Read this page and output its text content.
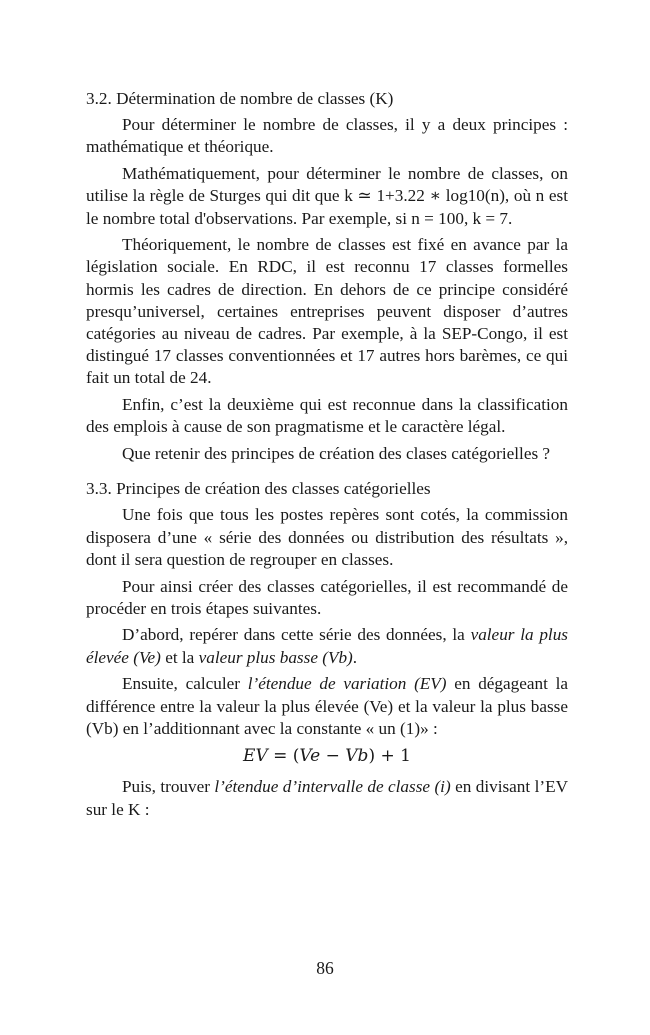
3.2. Détermination de nombre de classes (K)

Pour déterminer le nombre de classes, il y a deux principes : mathématique et théorique.

Mathématiquement, pour déterminer le nombre de classes, on utilise la règle de Sturges qui dit que k ≃ 1+3.22 ∗ log10(n), où n est le nombre total d'observations. Par exemple, si n = 100, k = 7.

Théoriquement, le nombre de classes est fixé en avance par la législation sociale. En RDC, il est reconnu 17 classes formelles hormis les cadres de direction. En dehors de ce principe considéré presqu’universel, certaines entreprises peuvent disposer d’autres catégories au niveau de cadres. Par exemple, à la SEP-Congo, il est distingué 17 classes conventionnées et 17 autres hors barèmes, ce qui fait un total de 24.

Enfin, c’est la deuxième qui est reconnue dans la classification des emplois à cause de son pragmatisme et le caractère légal.

Que retenir des principes de création des clases catégorielles ?

3.3. Principes de création des classes catégorielles

Une fois que tous les postes repères sont cotés, la commission disposera d’une « série des données ou distribution des résultats », dont il sera question de regrouper en classes.

Pour ainsi créer des classes catégorielles, il est recommandé de procéder en trois étapes suivantes.

D’abord, repérer dans cette série des données, la valeur la plus élevée (Ve) et la valeur plus basse (Vb).

Ensuite, calculer l’étendue de variation (EV) en dégageant la différence entre la valeur la plus élevée (Ve) et la valeur la plus basse (Vb) en l’additionnant avec la constante « un (1)» :

EV = (Ve − Vb) + 1

Puis, trouver l’étendue d’intervalle de classe (i) en divisant l’EV sur le K :

86
